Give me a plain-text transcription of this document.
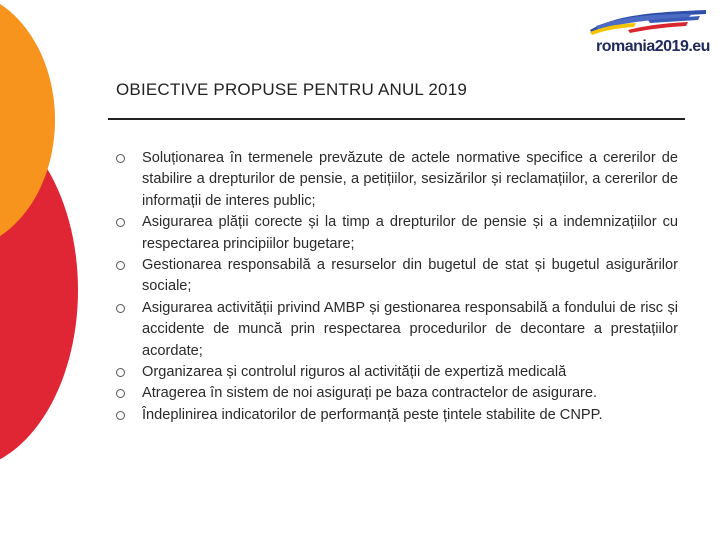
romania2019.eu
OBIECTIVE PROPUSE PENTRU ANUL 2019
Soluționarea în termenele prevăzute de actele normative specifice a cererilor de stabilire a drepturilor de pensie, a petițiilor, sesizărilor și reclamațiilor, a cererilor de informații de interes public;
Asigurarea plății corecte și la timp a drepturilor de pensie și a indemnizațiilor cu respectarea principiilor bugetare;
Gestionarea responsabilă a resurselor din bugetul de stat și bugetul asigurărilor sociale;
Asigurarea activității privind AMBP și gestionarea responsabilă a fondului de risc și accidente de muncă prin respectarea procedurilor de decontare a prestațiilor acordate;
Organizarea și controlul riguros al activității de expertiză medicală
Atragerea în sistem de noi asigurați pe baza contractelor de asigurare.
Îndeplinirea indicatorilor de performanță peste țintele stabilite de CNPP.
